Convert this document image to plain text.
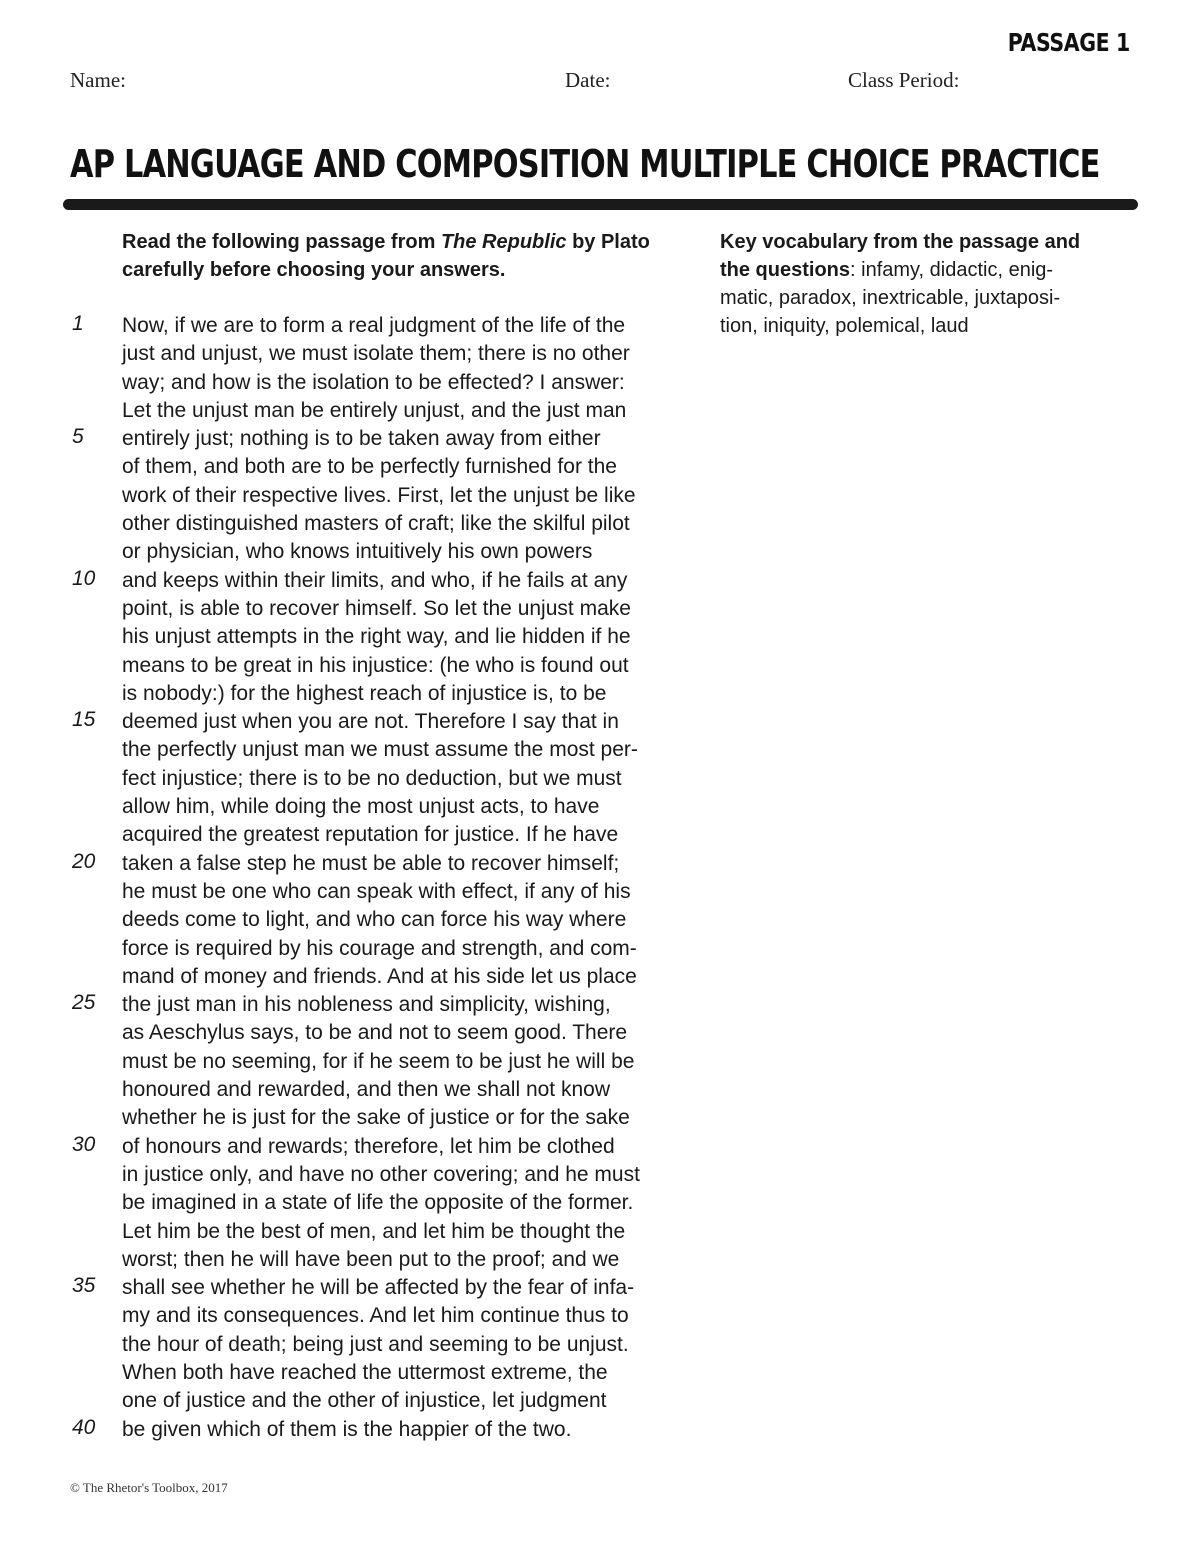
PASSAGE 1
Name:	Date:	Class Period:
AP LANGUAGE AND COMPOSITION MULTIPLE CHOICE PRACTICE
Read the following passage from The Republic by Plato
carefully before choosing your answers.
Now, if we are to form a real judgment of the life of the
just and unjust, we must isolate them; there is no other
way; and how is the isolation to be effected? I answer:
Let the unjust man be entirely unjust, and the just man
entirely just; nothing is to be taken away from either
of them, and both are to be perfectly furnished for the
work of their respective lives. First, let the unjust be like
other distinguished masters of craft; like the skilful pilot
or physician, who knows intuitively his own powers
and keeps within their limits, and who, if he fails at any
point, is able to recover himself. So let the unjust make
his unjust attempts in the right way, and lie hidden if he
means to be great in his injustice: (he who is found out
is nobody:) for the highest reach of injustice is, to be
deemed just when you are not. Therefore I say that in
the perfectly unjust man we must assume the most per-
fect injustice; there is to be no deduction, but we must
allow him, while doing the most unjust acts, to have
acquired the greatest reputation for justice. If he have
taken a false step he must be able to recover himself;
he must be one who can speak with effect, if any of his
deeds come to light, and who can force his way where
force is required by his courage and strength, and com-
mand of money and friends. And at his side let us place
the just man in his nobleness and simplicity, wishing,
as Aeschylus says, to be and not to seem good. There
must be no seeming, for if he seem to be just he will be
honoured and rewarded, and then we shall not know
whether he is just for the sake of justice or for the sake
of honours and rewards; therefore, let him be clothed
in justice only, and have no other covering; and he must
be imagined in a state of life the opposite of the former.
Let him be the best of men, and let him be thought the
worst; then he will have been put to the proof; and we
shall see whether he will be affected by the fear of infa-
my and its consequences. And let him continue thus to
the hour of death; being just and seeming to be unjust.
When both have reached the uttermost extreme, the
one of justice and the other of injustice, let judgment
be given which of them is the happier of the two.
1
5
10
15
20
25
30
35
40
Key vocabulary from the passage and
the questions: infamy, didactic, enig-
matic, paradox, inextricable, juxtaposi-
tion, iniquity, polemical, laud
© The Rhetor's Toolbox, 2017
